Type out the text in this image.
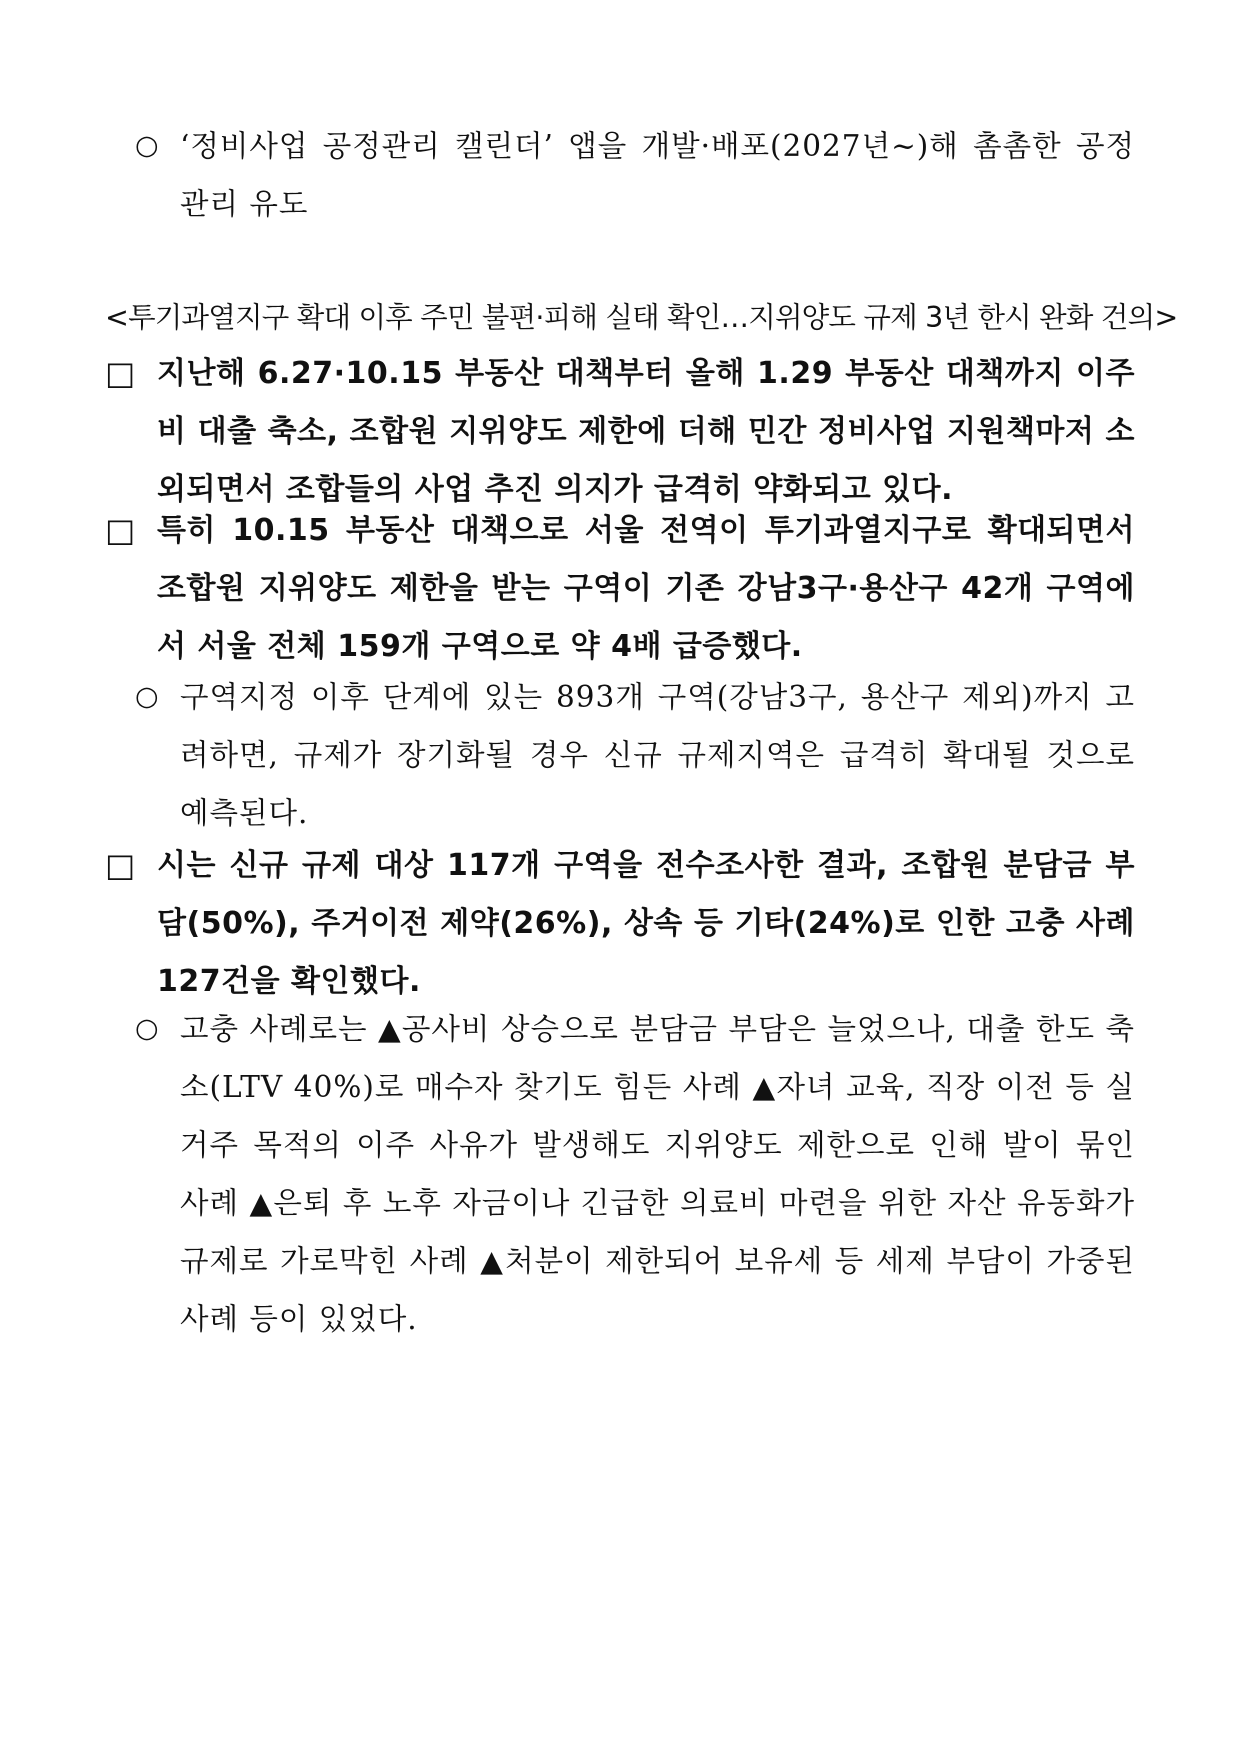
○ ‘정비사업 공정관리 캘린더’ 앱을 개발·배포(2027년~)해 촘촘한 공정관리 유도
<투기과열지구 확대 이후 주민 불편·피해 실태 확인…지위양도 규제 3년 한시 완화 건의>
□ 지난해 6.27·10.15 부동산 대책부터 올해 1.29 부동산 대책까지 이주비 대출 축소, 조합원 지위양도 제한에 더해 민간 정비사업 지원책마저 소외되면서 조합들의 사업 추진 의지가 급격히 약화되고 있다.
□ 특히 10.15 부동산 대책으로 서울 전역이 투기과열지구로 확대되면서 조합원 지위양도 제한을 받는 구역이 기존 강남3구·용산구 42개 구역에서 서울 전체 159개 구역으로 약 4배 급증했다.
○ 구역지정 이후 단계에 있는 893개 구역(강남3구, 용산구 제외)까지 고려하면, 규제가 장기화될 경우 신규 규제지역은 급격히 확대될 것으로 예측된다.
□ 시는 신규 규제 대상 117개 구역을 전수조사한 결과, 조합원 분담금 부담(50%), 주거이전 제약(26%), 상속 등 기타(24%)로 인한 고충 사례 127건을 확인했다.
○ 고충 사례로는 ▲공사비 상승으로 분담금 부담은 늘었으나, 대출 한도 축소(LTV 40%)로 매수자 찾기도 힘든 사례 ▲자녀 교육, 직장 이전 등 실거주 목적의 이주 사유가 발생해도 지위양도 제한으로 인해 발이 묶인 사례 ▲은퇴 후 노후 자금이나 긴급한 의료비 마련을 위한 자산 유동화가 규제로 가로막힌 사례 ▲처분이 제한되어 보유세 등 세제 부담이 가중된 사례 등이 있었다.
